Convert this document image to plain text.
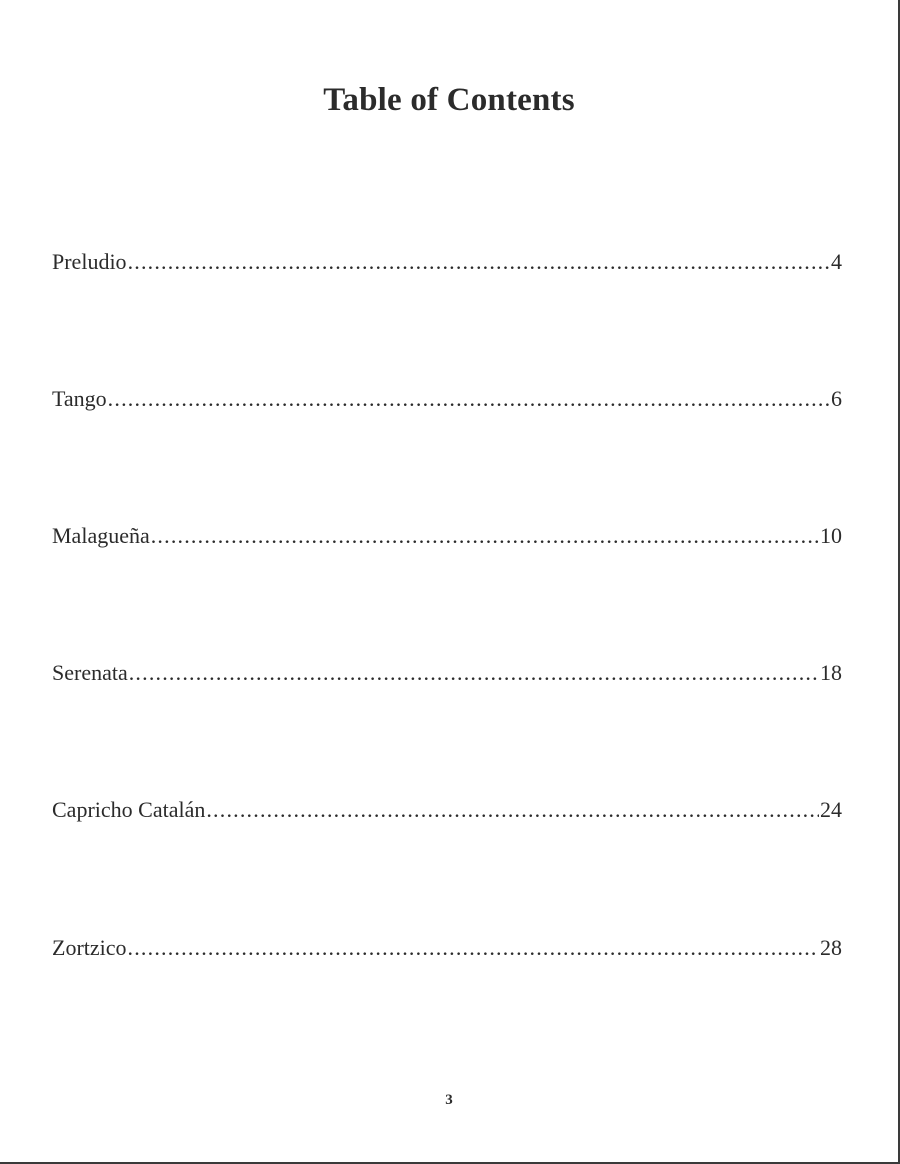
Table of Contents
Preludio .....	4
Tango .....	6
Malagueña .....	10
Serenata .....	18
Capricho Catalán .....	24
Zortzico .....	28
3
